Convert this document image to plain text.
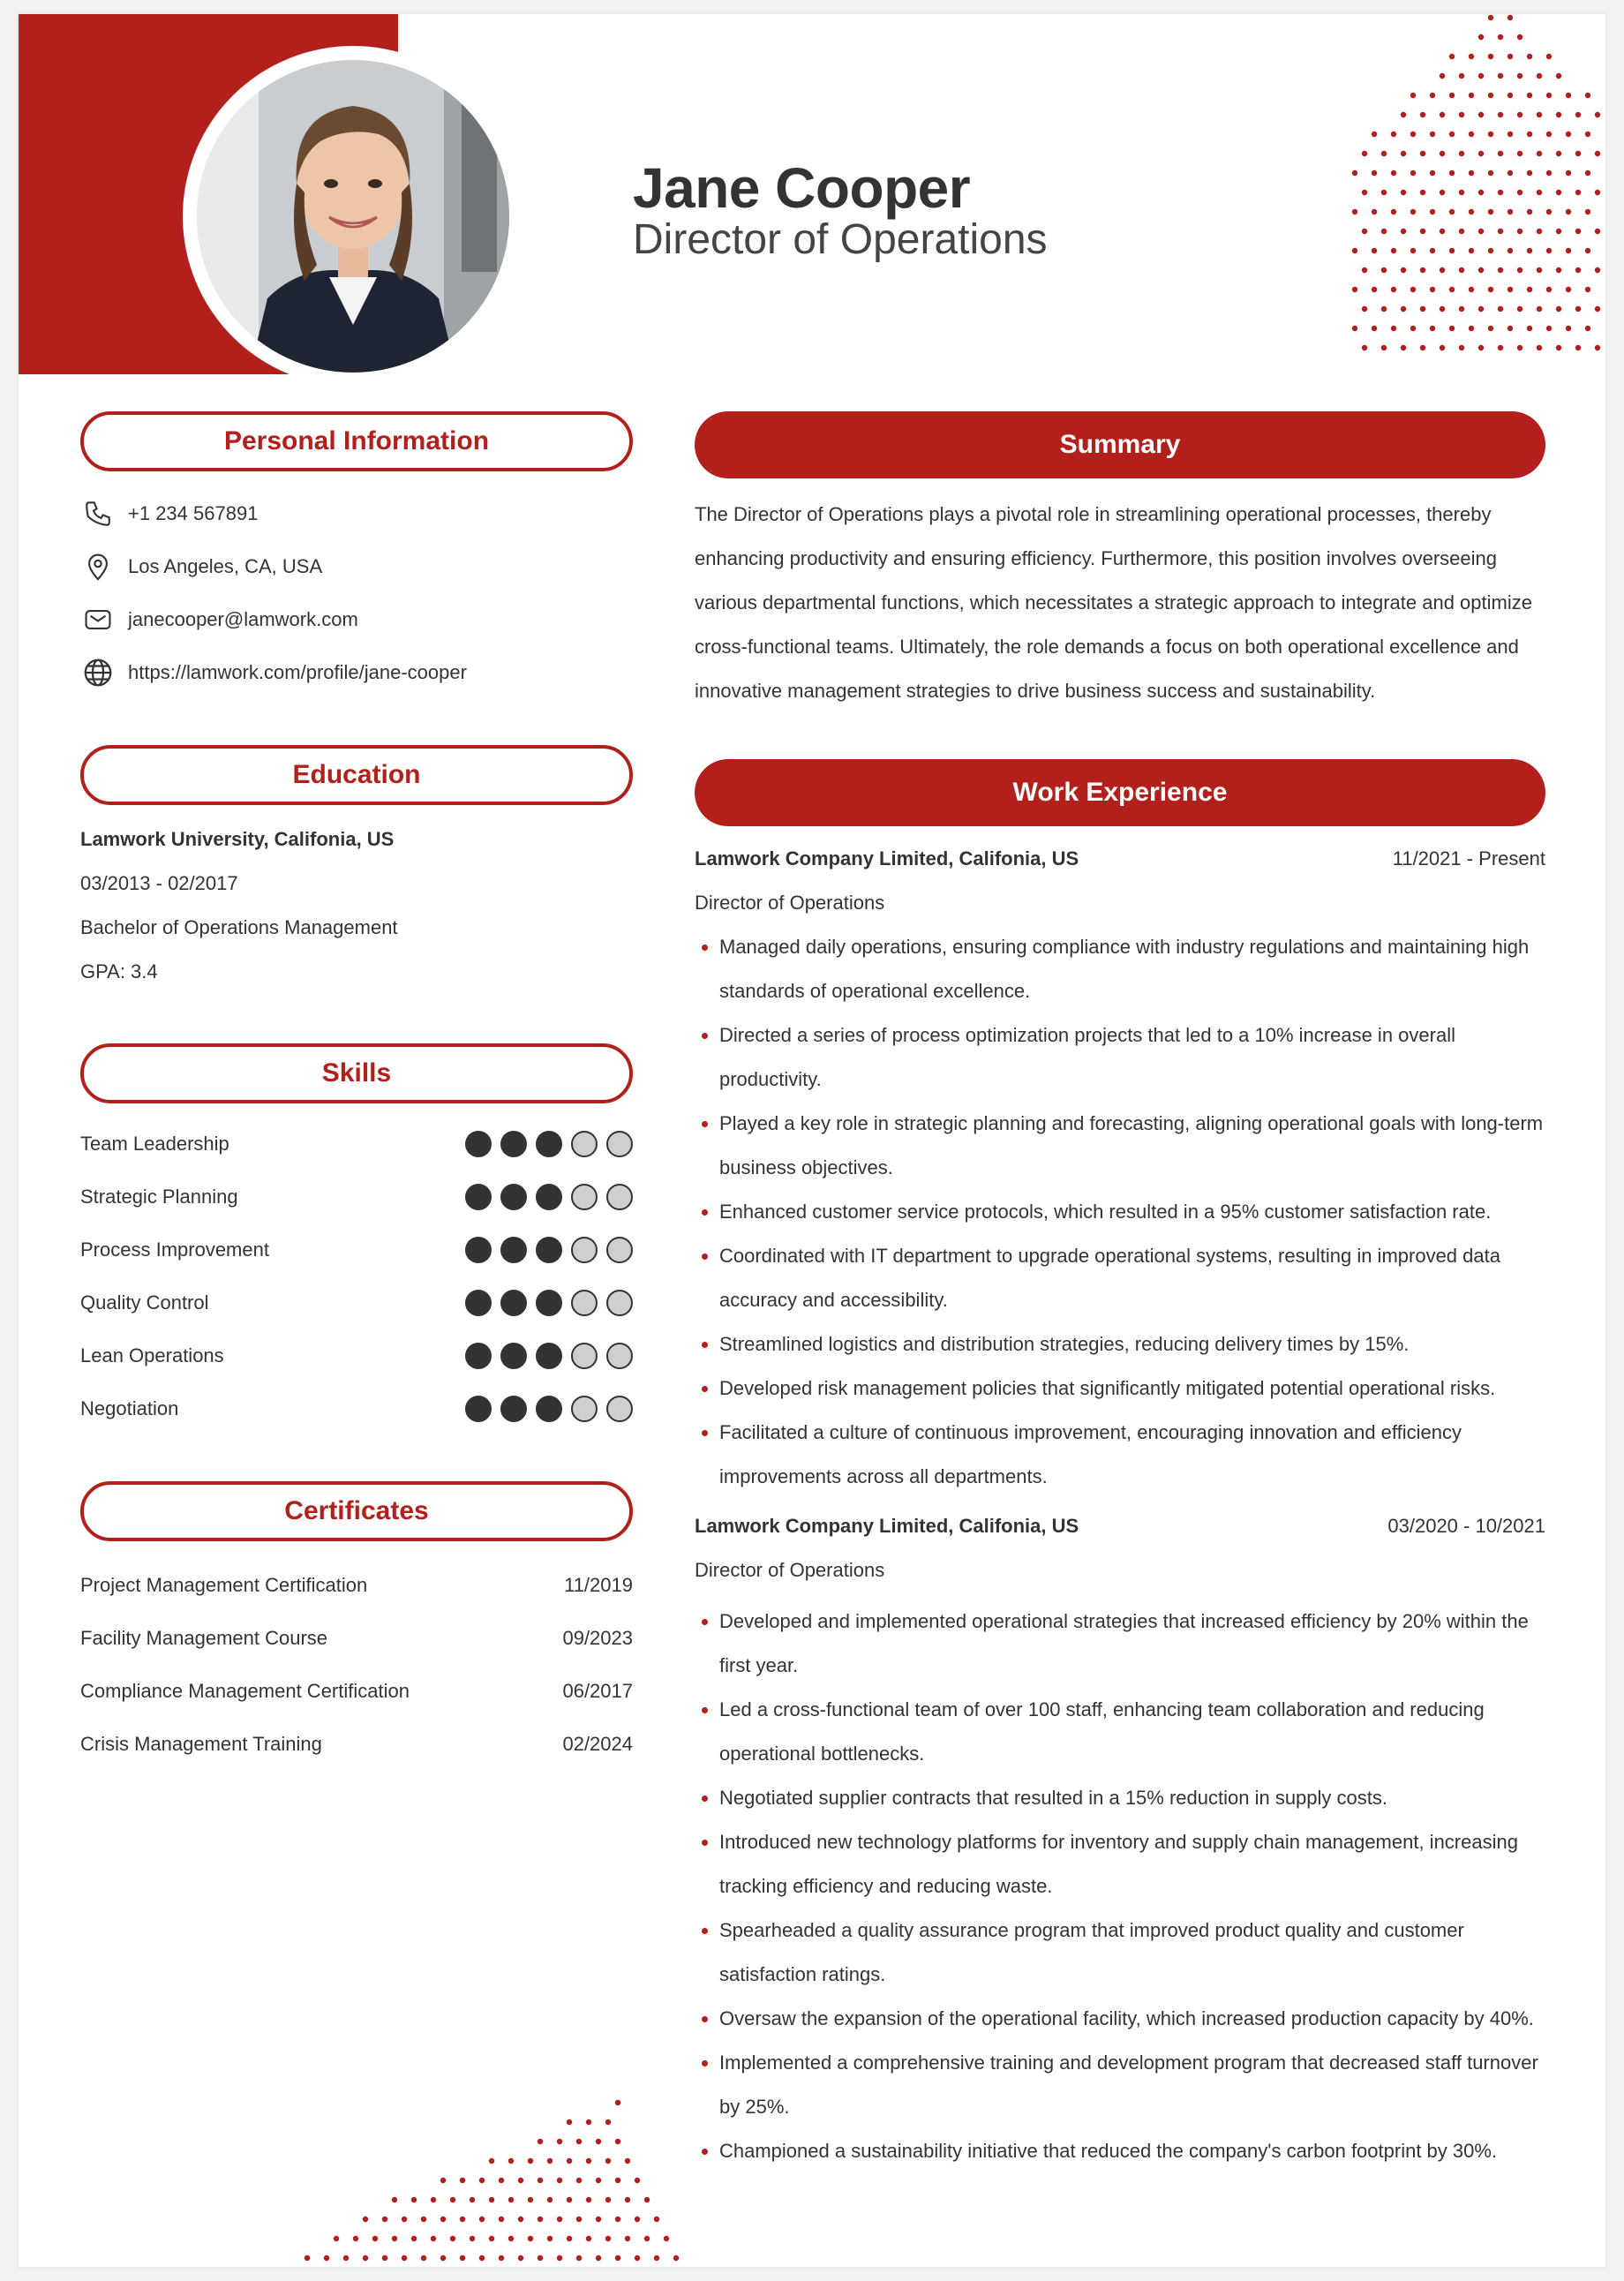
Jane Cooper
Director of Operations
Personal Information
+1 234 567891
Los Angeles, CA, USA
janecooper@lamwork.com
https://lamwork.com/profile/jane-cooper
Education
Lamwork University, Califonia, US
03/2013 - 02/2017
Bachelor of Operations Management
GPA: 3.4
Skills
Team Leadership
Strategic Planning
Process Improvement
Quality Control
Lean Operations
Negotiation
Certificates
Project Management Certification	11/2019
Facility Management Course	09/2023
Compliance Management Certification	06/2017
Crisis Management Training	02/2024
Summary
The Director of Operations plays a pivotal role in streamlining operational processes, thereby enhancing productivity and ensuring efficiency. Furthermore, this position involves overseeing various departmental functions, which necessitates a strategic approach to integrate and optimize cross-functional teams. Ultimately, the role demands a focus on both operational excellence and innovative management strategies to drive business success and sustainability.
Work Experience
Lamwork Company Limited, Califonia, US	11/2021 - Present
Director of Operations
• Managed daily operations, ensuring compliance with industry regulations and maintaining high standards of operational excellence.
• Directed a series of process optimization projects that led to a 10% increase in overall productivity.
• Played a key role in strategic planning and forecasting, aligning operational goals with long-term business objectives.
• Enhanced customer service protocols, which resulted in a 95% customer satisfaction rate.
• Coordinated with IT department to upgrade operational systems, resulting in improved data accuracy and accessibility.
• Streamlined logistics and distribution strategies, reducing delivery times by 15%.
• Developed risk management policies that significantly mitigated potential operational risks.
• Facilitated a culture of continuous improvement, encouraging innovation and efficiency improvements across all departments.
Lamwork Company Limited, Califonia, US	03/2020 - 10/2021
Director of Operations
• Developed and implemented operational strategies that increased efficiency by 20% within the first year.
• Led a cross-functional team of over 100 staff, enhancing team collaboration and reducing operational bottlenecks.
• Negotiated supplier contracts that resulted in a 15% reduction in supply costs.
• Introduced new technology platforms for inventory and supply chain management, increasing tracking efficiency and reducing waste.
• Spearheaded a quality assurance program that improved product quality and customer satisfaction ratings.
• Oversaw the expansion of the operational facility, which increased production capacity by 40%.
• Implemented a comprehensive training and development program that decreased staff turnover by 25%.
• Championed a sustainability initiative that reduced the company's carbon footprint by 30%.
